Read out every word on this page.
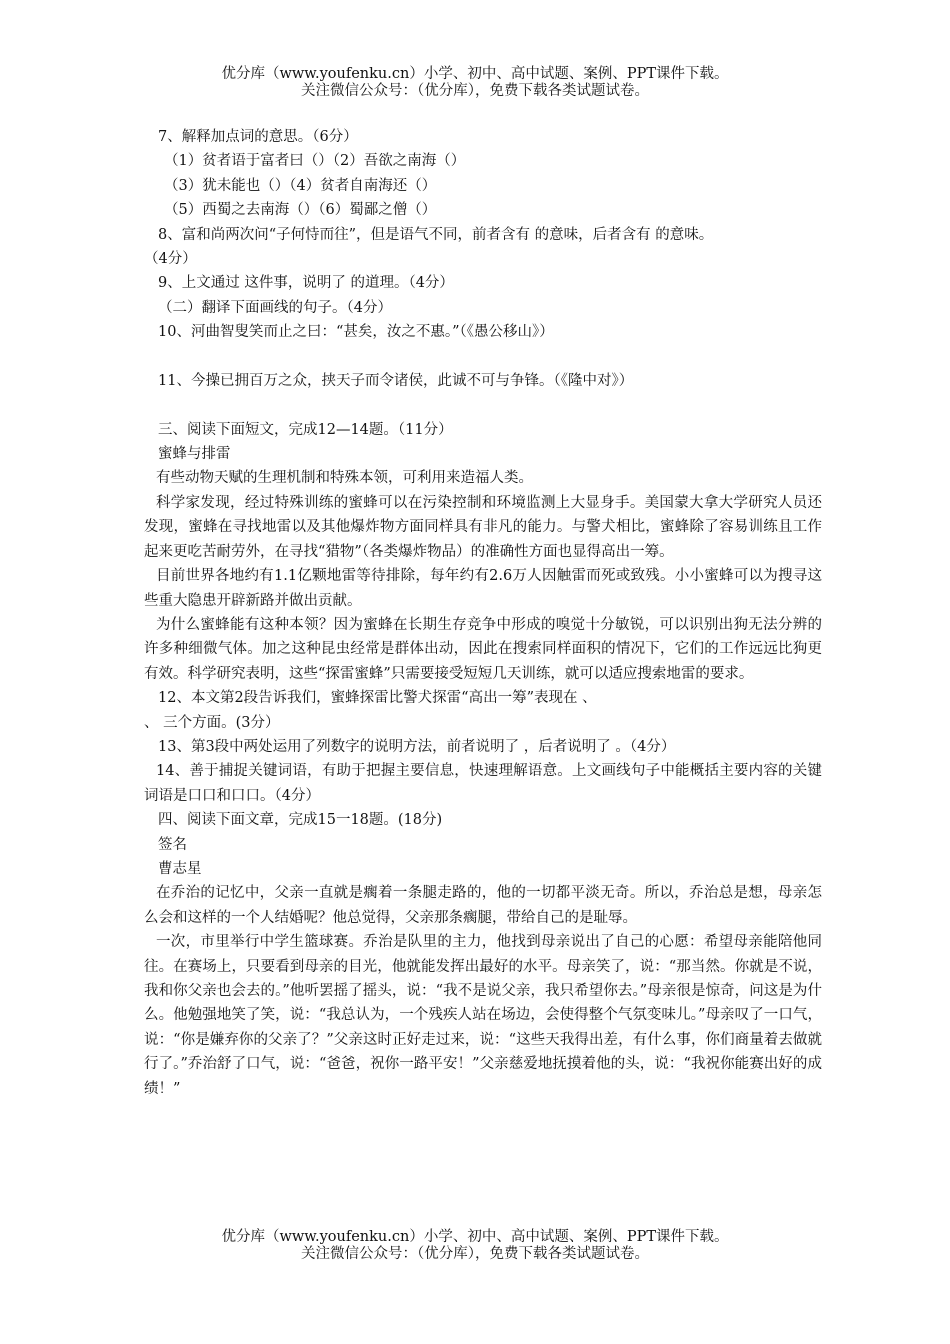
优分库（www.youfenku.cn）小学、初中、高中试题、案例、PPT课件下载。
关注微信公众号：（优分库），免费下载各类试题试卷。
7、解释加点词的意思。（6分）
（1）贫者语于富者曰（）（2）吾欲之南海（）
（3）犹未能也（）（4）贫者自南海还（）
（5）西蜀之去南海（）（6）蜀鄙之僧（）
8、富和尚两次问“子何恃而往”，但是语气不同，前者含有 的意味，后者含有 的意味。
（4分）
9、上文通过 这件事，说明了 的道理。（4分）
（二）翻译下面画线的句子。（4分）
10、河曲智叟笑而止之曰：“甚矣，汝之不惠。”（《愚公移山》）
11、今操已拥百万之众，挟天子而令诸侯，此诚不可与争锋。（《隆中对》）
三、阅读下面短文，完成12—14题。（11分）
蜜蜂与排雷
有些动物天赋的生理机制和特殊本领，可利用来造福人类。
科学家发现，经过特殊训练的蜜蜂可以在污染控制和环境监测上大显身手。美国蒙大拿大学研究人员还发现，蜜蜂在寻找地雷以及其他爆炸物方面同样具有非凡的能力。与警犬相比，蜜蜂除了容易训练且工作起来更吃苦耐劳外，在寻找“猎物”（各类爆炸物品）的准确性方面也显得高出一筹。
目前世界各地约有1.1亿颗地雷等待排除，每年约有2.6万人因触雷而死或致残。小小蜜蜂可以为搜寻这些重大隐患开辟新路并做出贡献。
为什么蜜蜂能有这种本领？因为蜜蜂在长期生存竞争中形成的嗅觉十分敏锐，可以识别出狗无法分辨的许多种细微气体。加之这种昆虫经常是群体出动，因此在搜索同样面积的情况下，它们的工作远远比狗更有效。科学研究表明，这些“探雷蜜蜂”只需要接受短短几天训练，就可以适应搜索地雷的要求。
12、本文第2段告诉我们，蜜蜂探雷比警犬探雷“高出一筹”表现在 、
、 三个方面。(3分）
13、第3段中两处运用了列数字的说明方法，前者说明了 ，后者说明了 。（4分）
14、善于捕捉关键词语，有助于把握主要信息，快速理解语意。上文画线句子中能概括主要内容的关键词语是口口和口口。（4分）
四、阅读下面文章，完成15一18题。(18分)
签名
曹志星
在乔治的记忆中，父亲一直就是瘸着一条腿走路的，他的一切都平淡无奇。所以，乔治总是想，母亲怎么会和这样的一个人结婚呢？他总觉得，父亲那条瘸腿，带给自己的是耻辱。
一次，市里举行中学生篮球赛。乔治是队里的主力，他找到母亲说出了自己的心愿：希望母亲能陪他同往。在赛场上，只要看到母亲的目光，他就能发挥出最好的水平。母亲笑了，说：“那当然。你就是不说，我和你父亲也会去的。”他听罢摇了摇头，说：“我不是说父亲，我只希望你去。”母亲很是惊奇，问这是为什么。他勉强地笑了笑，说：“我总认为，一个残疾人站在场边，会使得整个气氛变味儿。”母亲叹了一口气，说：“你是嫌弃你的父亲了？”父亲这时正好走过来，说：“这些天我得出差，有什么事，你们商量着去做就行了。”乔治舒了口气，说：“爸爸，祝你一路平安！”父亲慈爱地抚摸着他的头，说：“我祝你能赛出好的成绩！”
优分库（www.youfenku.cn）小学、初中、高中试题、案例、PPT课件下载。
关注微信公众号：（优分库），免费下载各类试题试卷。
